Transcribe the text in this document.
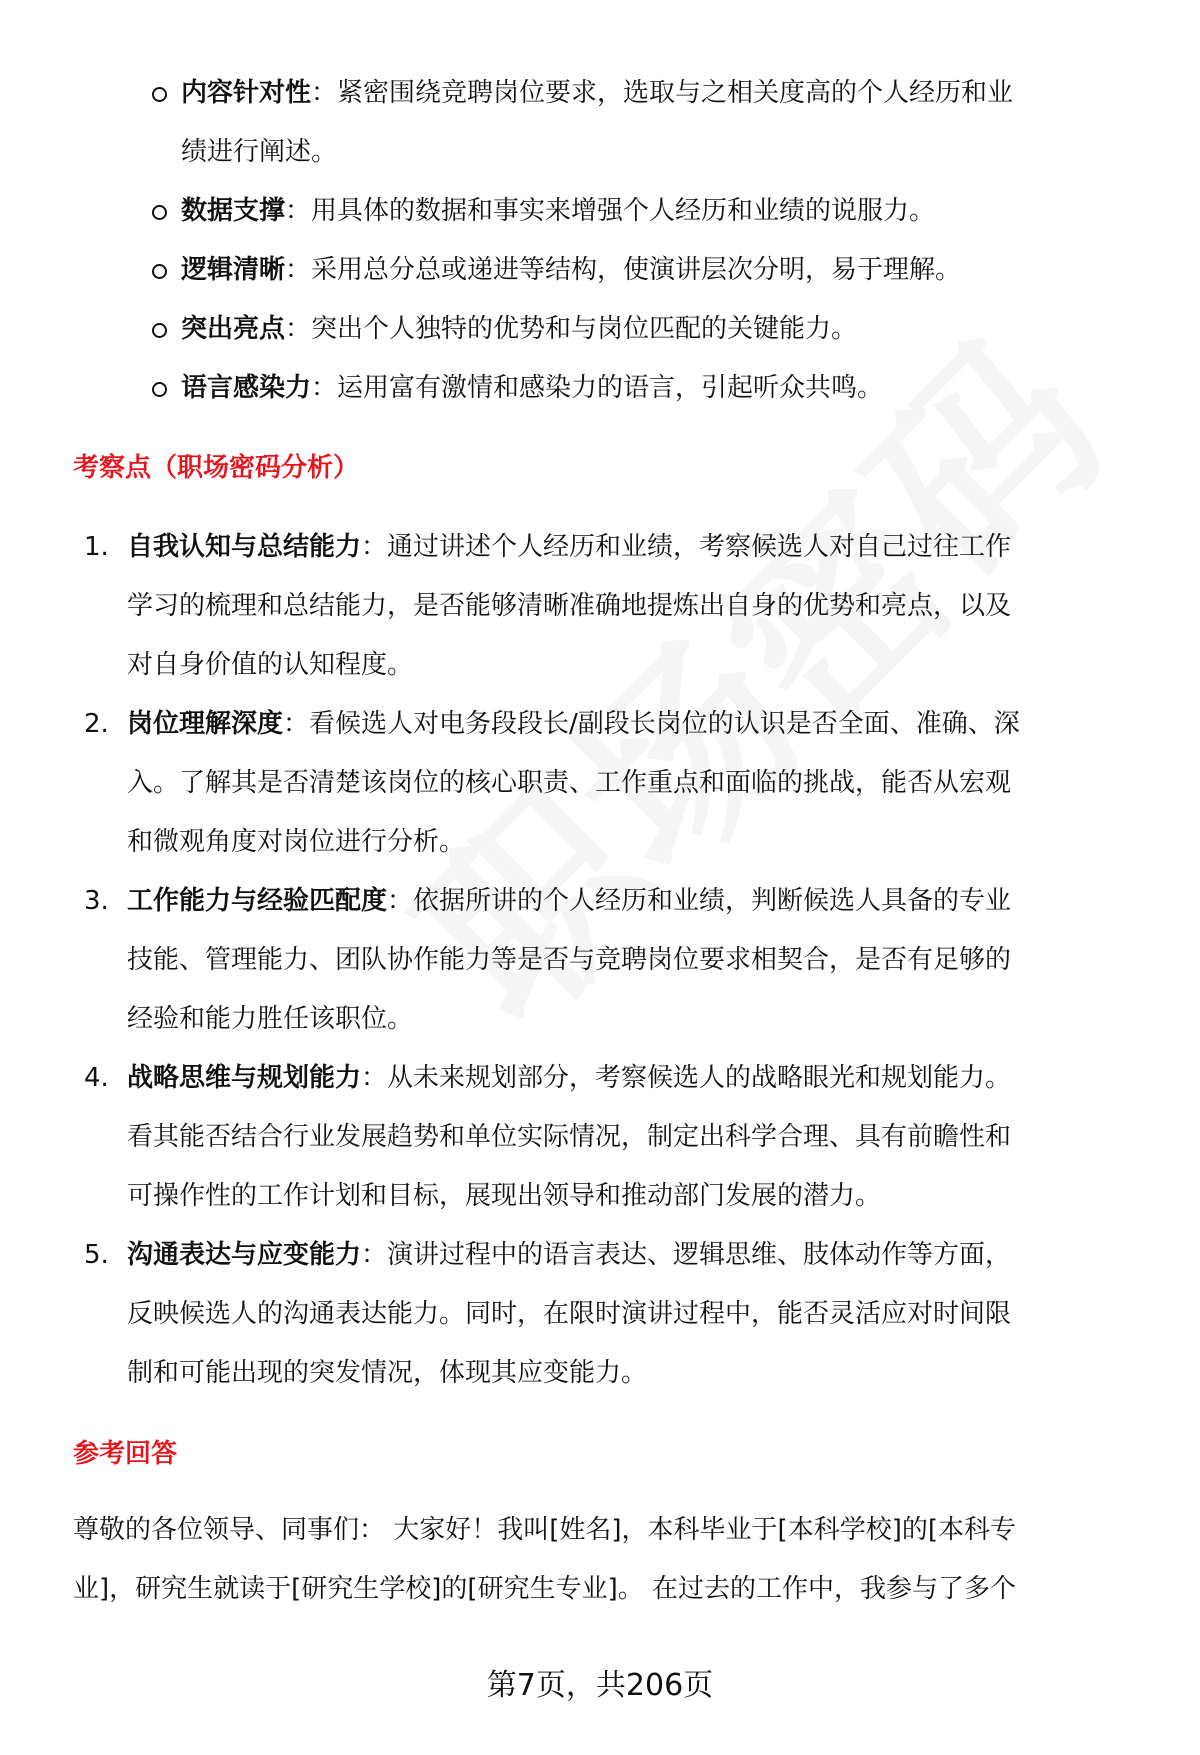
内容针对性：紧密围绕竞聘岗位要求，选取与之相关度高的个人经历和业
绩进行阐述。
数据支撑：用具体的数据和事实来增强个人经历和业绩的说服力。
逻辑清晰：采用总分总或递进等结构，使演讲层次分明，易于理解。
突出亮点：突出个人独特的优势和与岗位匹配的关键能力。
语言感染力：运用富有激情和感染力的语言，引起听众共鸣。
考察点（职场密码分析）
1. 自我认知与总结能力：通过讲述个人经历和业绩，考察候选人对自己过往工作
学习的梳理和总结能力，是否能够清晰准确地提炼出自身的优势和亮点，以及
对自身价值的认知程度。
2. 岗位理解深度：看候选人对电务段段长/副段长岗位的认识是否全面、准确、深
入。了解其是否清楚该岗位的核心职责、工作重点和面临的挑战，能否从宏观
和微观角度对岗位进行分析。
3. 工作能力与经验匹配度：依据所讲的个人经历和业绩，判断候选人具备的专业
技能、管理能力、团队协作能力等是否与竞聘岗位要求相契合，是否有足够的
经验和能力胜任该职位。
4. 战略思维与规划能力：从未来规划部分，考察候选人的战略眼光和规划能力。
看其能否结合行业发展趋势和单位实际情况，制定出科学合理、具有前瞻性和
可操作性的工作计划和目标，展现出领导和推动部门发展的潜力。
5. 沟通表达与应变能力：演讲过程中的语言表达、逻辑思维、肢体动作等方面，
反映候选人的沟通表达能力。同时，在限时演讲过程中，能否灵活应对时间限
制和可能出现的突发情况，体现其应变能力。
参考回答
尊敬的各位领导、同事们： 大家好！我叫[姓名]，本科毕业于[本科学校]的[本科专
业]，研究生就读于[研究生学校]的[研究生专业]。 在过去的工作中，我参与了多个
第7页，共206页
